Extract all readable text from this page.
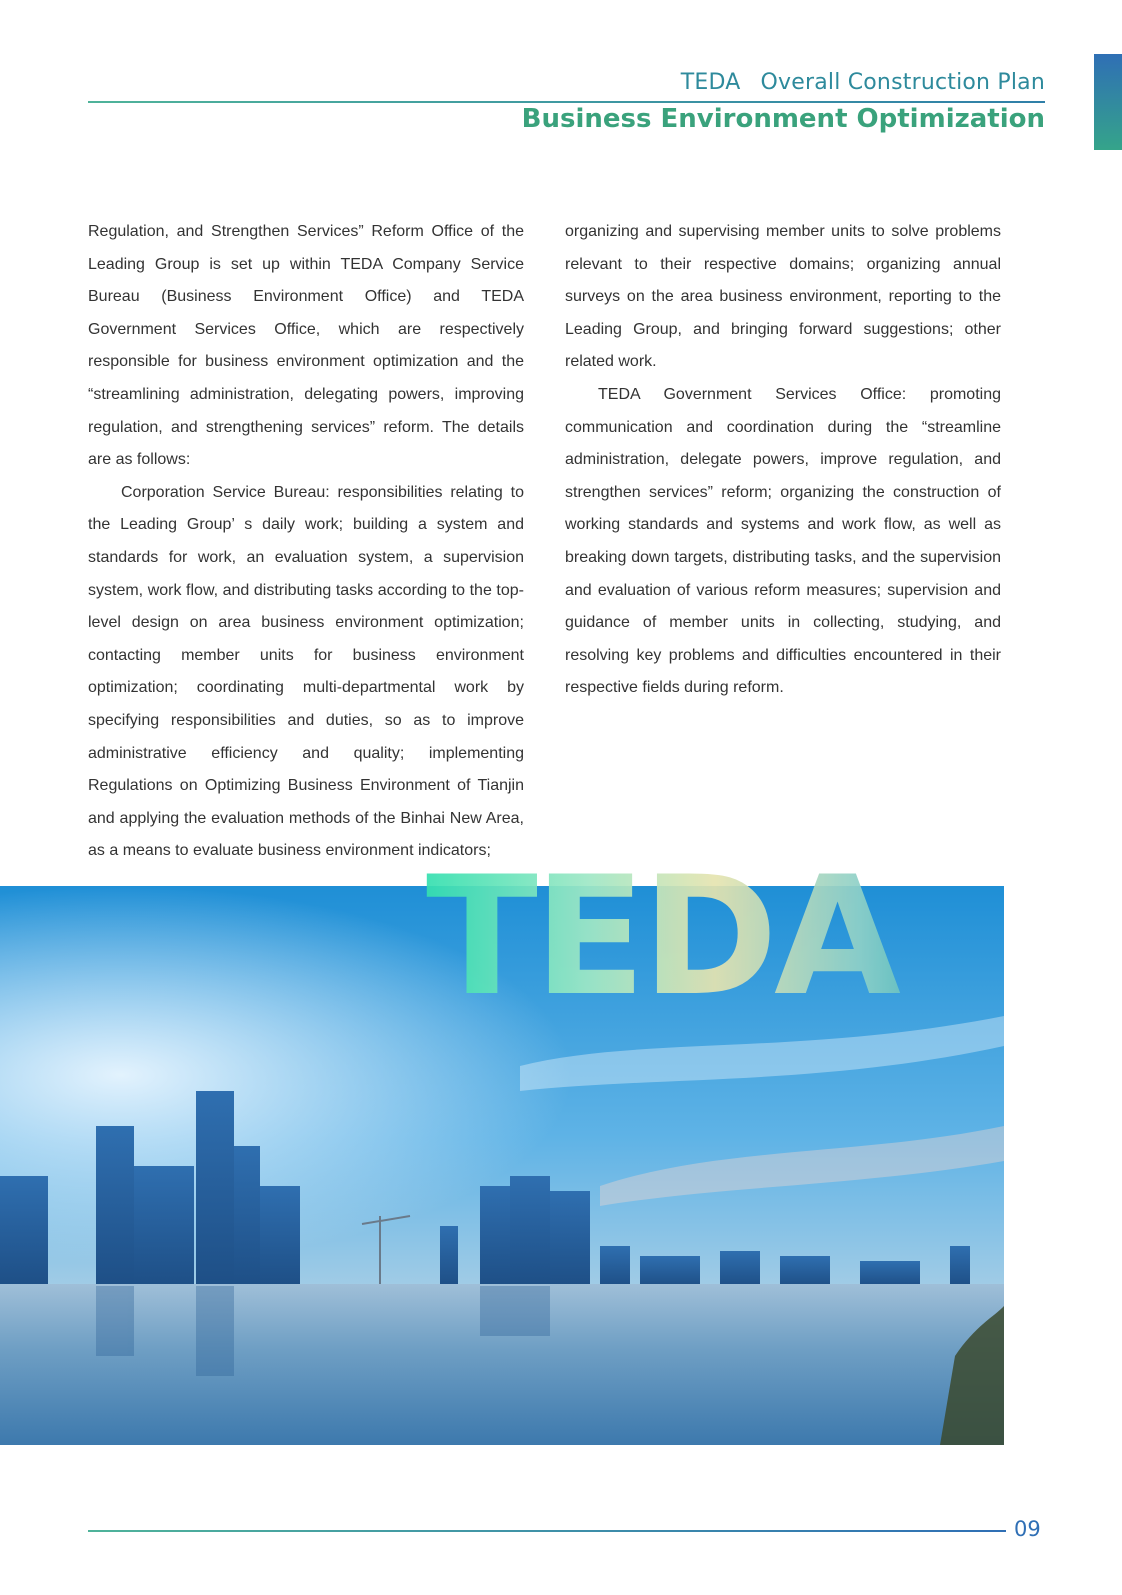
TEDA Overall Construction Plan
Business Environment Optimization

Regulation, and Strengthen Services” Reform Office of the Leading Group is set up within TEDA Company Service Bureau (Business Environment Office) and TEDA Government Services Office, which are respectively responsible for business environment optimization and the “streamlining administration, delegating powers, improving regulation, and strengthening services” reform. The details are as follows:

Corporation Service Bureau: responsibilities relating to the Leading Group’ s daily work; building a system and standards for work, an evaluation system, a supervision system, work flow, and distributing tasks according to the top-level design on area business environment optimization; contacting member units for business environment optimization; coordinating multi-departmental work by specifying responsibilities and duties, so as to improve administrative efficiency and quality; implementing Regulations on Optimizing Business Environment of Tianjin and applying the evaluation methods of the Binhai New Area, as a means to evaluate business environment indicators;

organizing and supervising member units to solve problems relevant to their respective domains; organizing annual surveys on the area business environment, reporting to the Leading Group, and bringing forward suggestions; other related work.

TEDA Government Services Office: promoting communication and coordination during the “streamline administration, delegate powers, improve regulation, and strengthen services” reform; organizing the construction of working standards and systems and work flow, as well as breaking down targets, distributing tasks, and the supervision and evaluation of various reform measures; supervision and guidance of member units in collecting, studying, and resolving key problems and difficulties encountered in their respective fields during reform.

TEDA
09
